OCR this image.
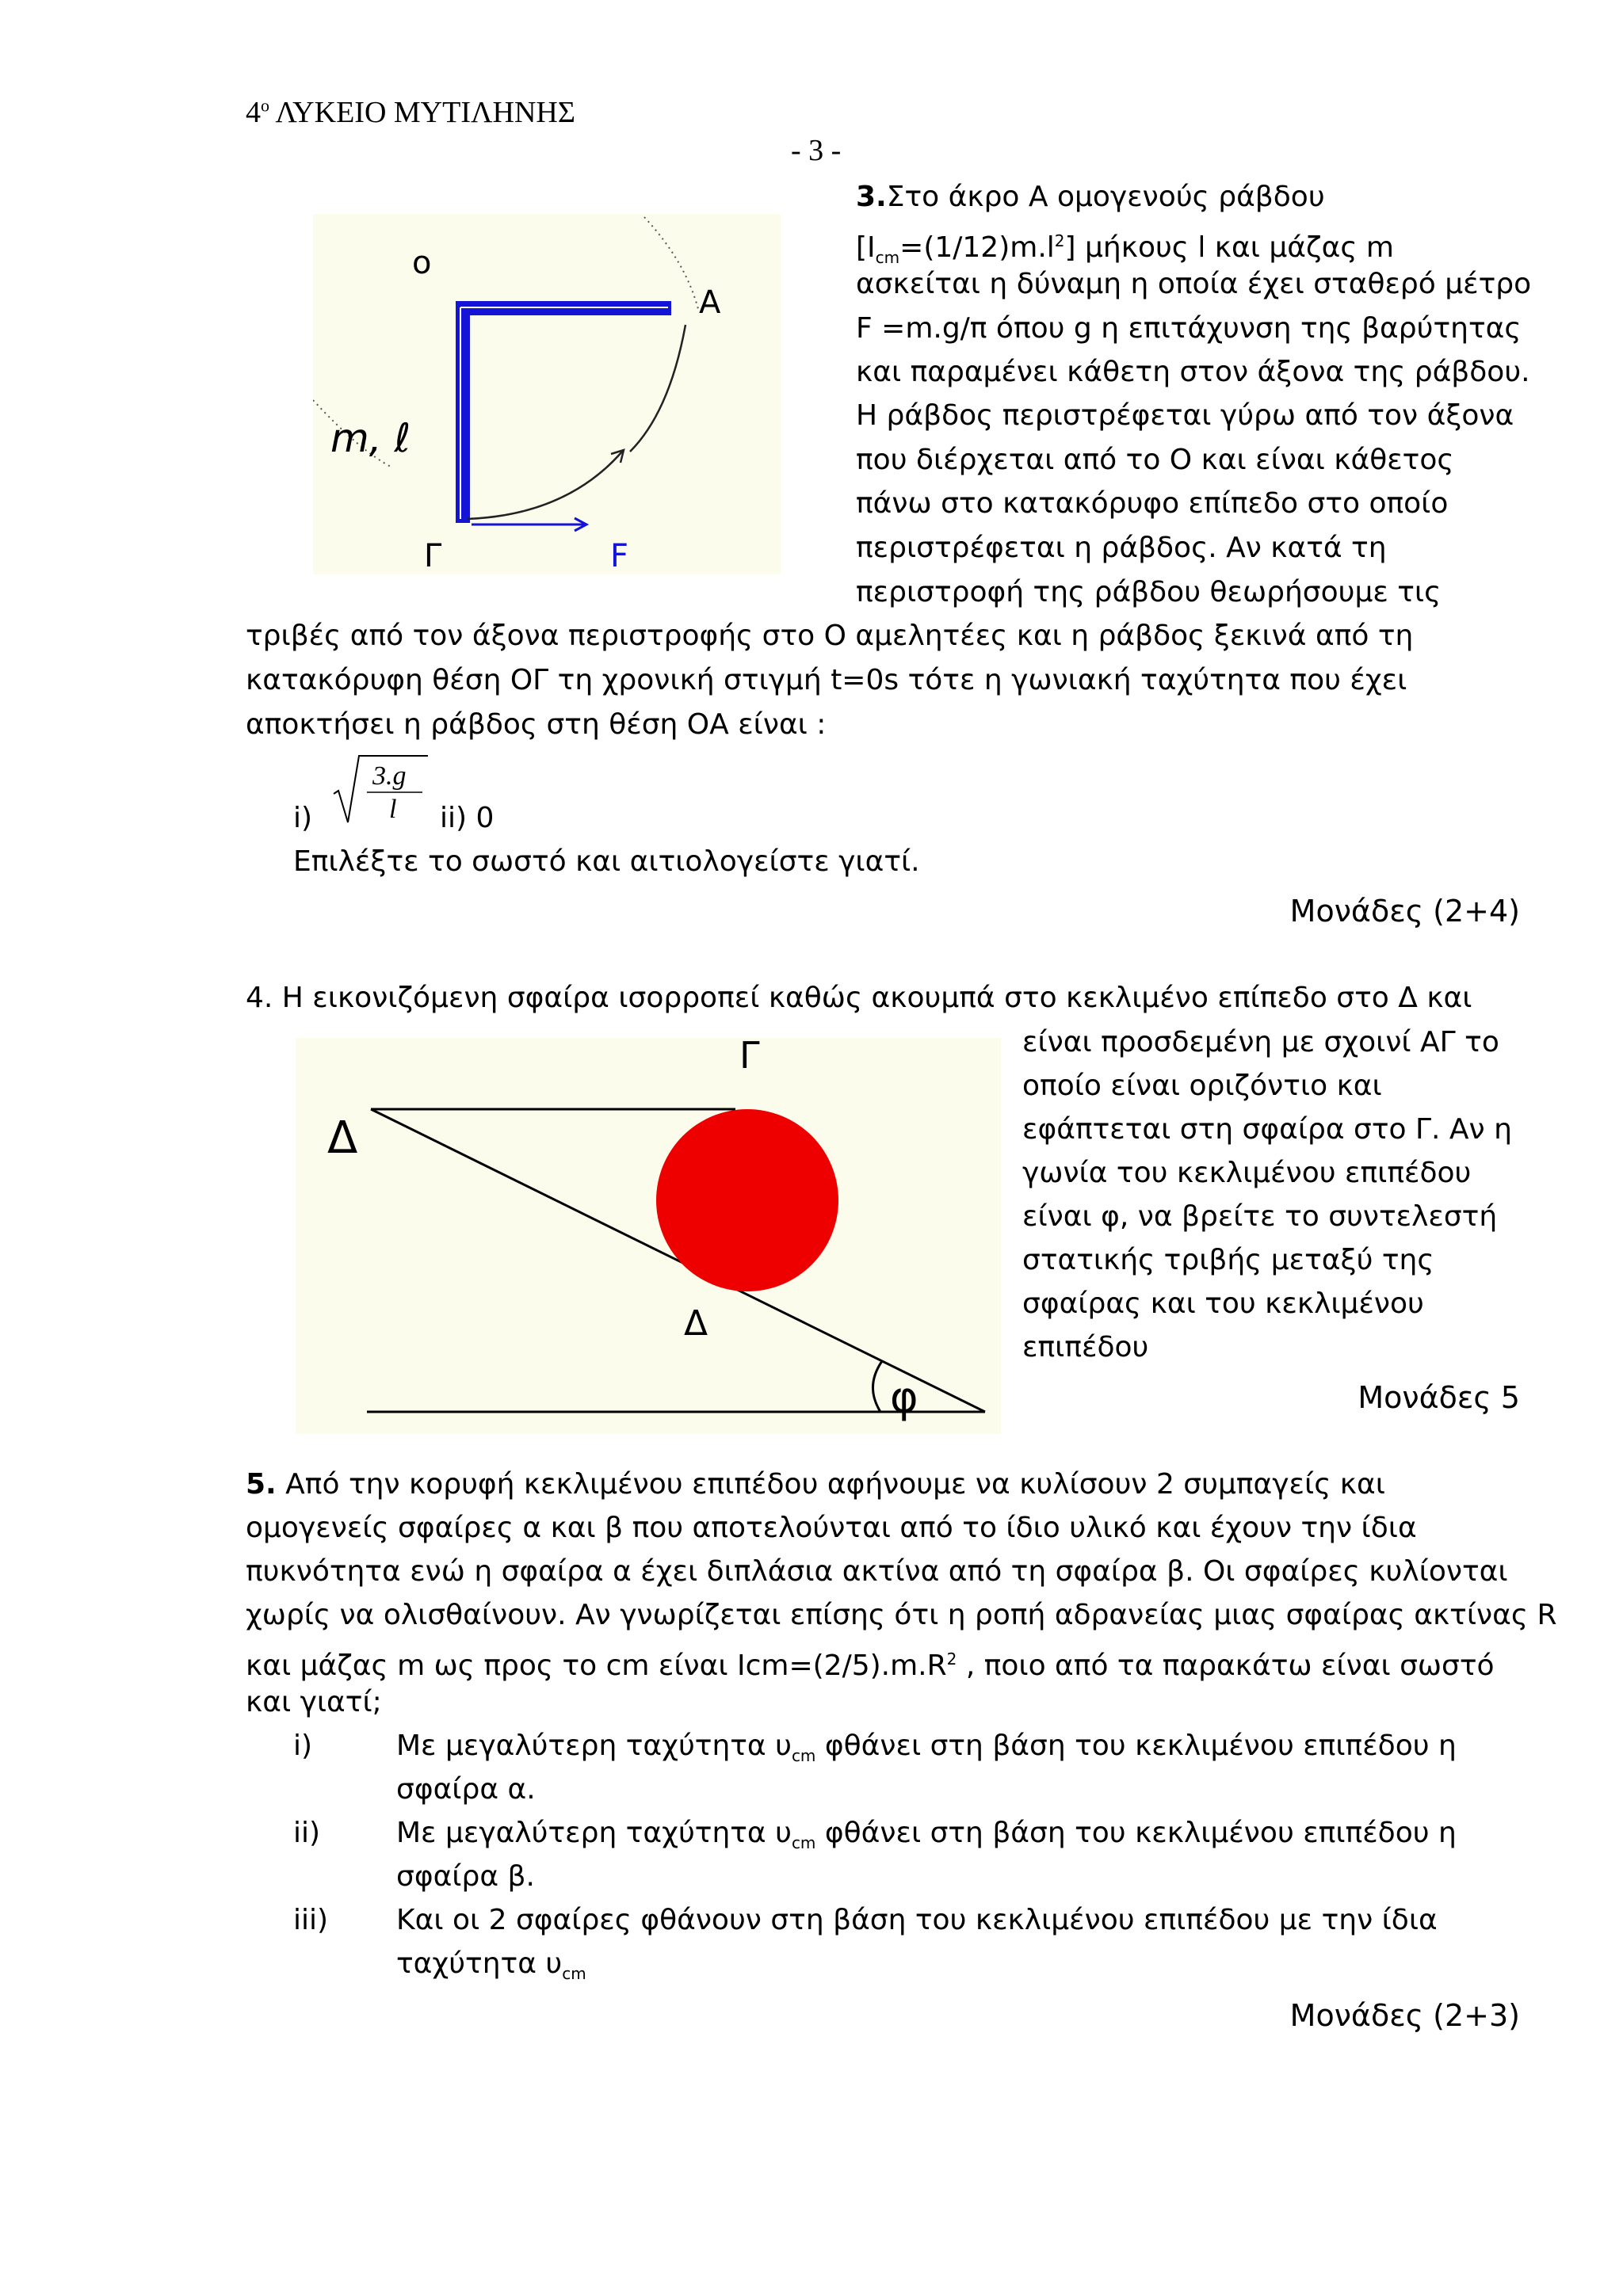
$4^o$ ΛΥΚΕΙΟ ΜΥΤΙΛΗΝΗΣ
- 3 -
ο
Α
m, ℓ
Γ	F
3.Στο άκρο Α ομογενούς ράβδου
$[I_{cm}=(1/12)m.l^2]$ μήκους l και μάζας m
ασκείται η δύναμη η οποία έχει σταθερό μέτρο
F =m.g/π όπου g η επιτάχυνση της βαρύτητας
και παραμένει κάθετη στον άξονα της ράβδου.
Η ράβδος περιστρέφεται γύρω από τον άξονα
που διέρχεται από το Ο και είναι κάθετος
πάνω στο κατακόρυφο επίπεδο στο οποίο
περιστρέφεται η ράβδος. Αν κατά τη
περιστροφή της ράβδου θεωρήσουμε τις
τριβές από τον άξονα περιστροφής στο Ο αμελητέες και η ράβδος ξεκινά από τη
κατακόρυφη θέση ΟΓ τη χρονική στιγμή t=0s τότε η γωνιακή ταχύτητα που έχει
αποκτήσει η ράβδος στη θέση ΟΑ είναι :
i)
3.g
l ii) 0
Επιλέξτε το σωστό και αιτιολογείστε γιατί.
Μονάδες (2+4)
4. Η εικονιζόμενη σφαίρα ισορροπεί καθώς ακουμπά στο κεκλιμένο επίπεδο στο Δ και
Δ
Γ
Δ
φ
είναι προσδεμένη με σχοινί ΑΓ το
οποίο είναι οριζόντιο και
εφάπτεται στη σφαίρα στο Γ. Αν η
γωνία του κεκλιμένου επιπέδου
είναι φ, να βρείτε το συντελεστή
στατικής τριβής μεταξύ της
σφαίρας και του κεκλιμένου
επιπέδου
Μονάδες 5
5. Από την κορυφή κεκλιμένου επιπέδου αφήνουμε να κυλίσουν 2 συμπαγείς και
ομογενείς σφαίρες α και β που αποτελούνται από το ίδιο υλικό και έχουν την ίδια
πυκνότητα ενώ η σφαίρα α έχει διπλάσια ακτίνα από τη σφαίρα β. Οι σφαίρες κυλίονται
χωρίς να ολισθαίνουν. Αν γνωρίζεται επίσης ότι η ροπή αδρανείας μιας σφαίρας ακτίνας R
και μάζας m ως προς το cm είναι $Icm=(2/5).m.R^2$ , ποιο από τα παρακάτω είναι σωστό
και γιατί;
i)	Με μεγαλύτερη ταχύτητα $\upsilon_{cm}$ φθάνει στη βάση του κεκλιμένου επιπέδου η
σφαίρα α.
ii)	Με μεγαλύτερη ταχύτητα $\upsilon_{cm}$ φθάνει στη βάση του κεκλιμένου επιπέδου η
σφαίρα β.
iii) Και οι 2 σφαίρες φθάνουν στη βάση του κεκλιμένου επιπέδου με την ίδια
ταχύτητα $\upsilon_{cm}$
Μονάδες (2+3)
